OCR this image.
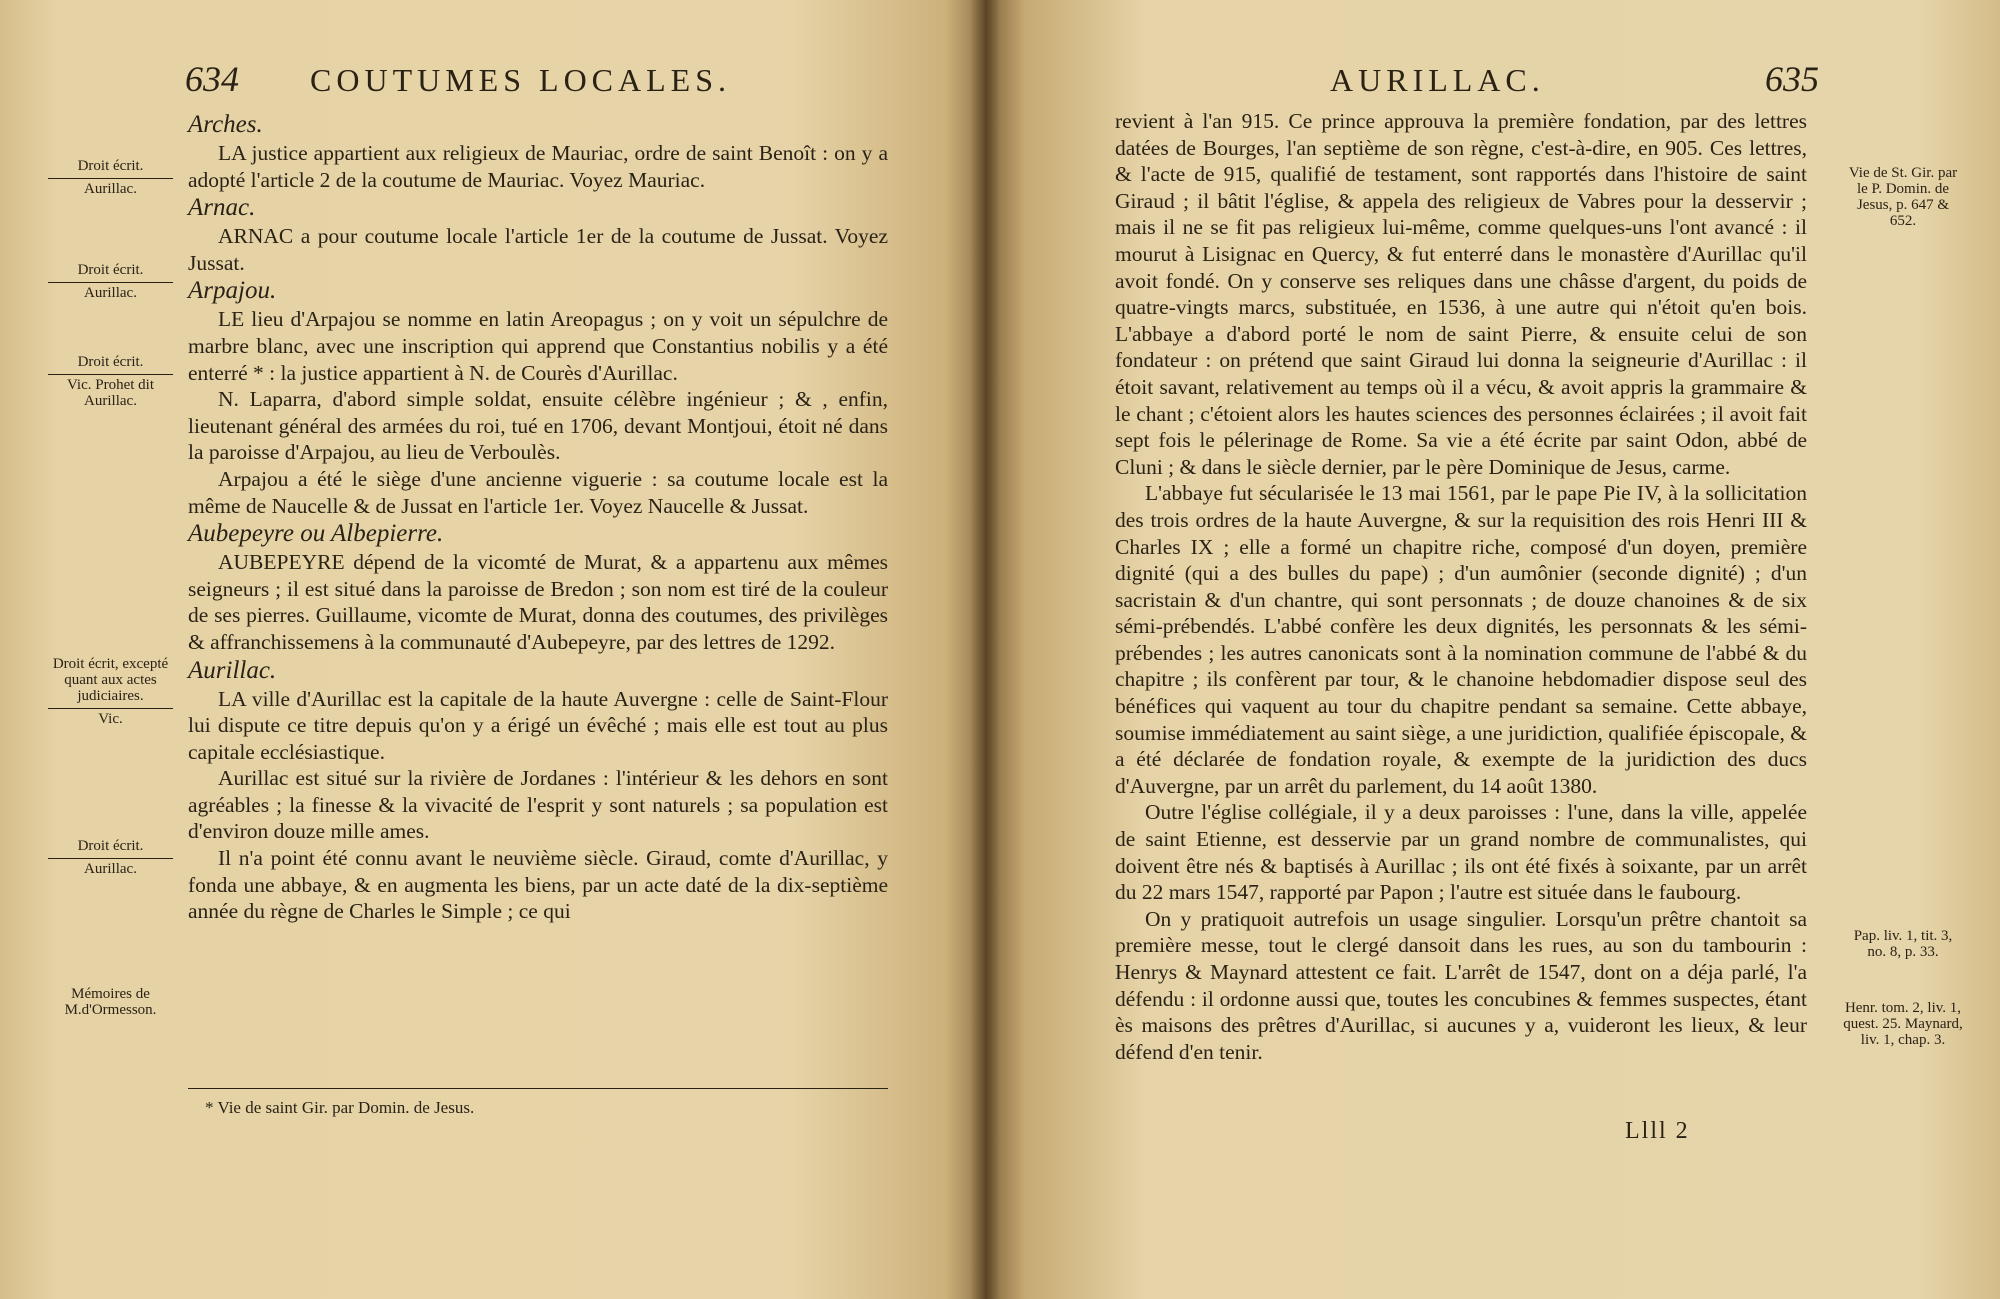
634 COUTUMES LOCALES.
Droit écrit.
Aurillac.
Droit écrit.
Aurillac.
Droit écrit.
Vic. Prohet dit Aurillac.
Droit écrit, excepté quant aux actes judiciaires.
Vic.
Droit écrit.
Aurillac.
Mémoires de M.d'Ormesson.

Arches.

LA justice appartient aux religieux de Mauriac, ordre de saint Benoît : on y a adopté l'article 2 de la coutume de Mauriac. Voyez Mauriac.

Arnac.

ARNAC a pour coutume locale l'article 1er de la coutume de Jussat. Voyez Jussat.

Arpajou.

LE lieu d'Arpajou se nomme en latin Areopagus ; on y voit un sépulchre de marbre blanc, avec une inscription qui apprend que Constantius nobilis y a été enterré * : la justice appartient à N. de Courès d'Aurillac.

N. Laparra, d'abord simple soldat, ensuite célèbre ingénieur ; & , enfin, lieutenant général des armées du roi, tué en 1706, devant Montjoui, étoit né dans la paroisse d'Arpajou, au lieu de Verboulès.

Arpajou a été le siège d'une ancienne viguerie : sa coutume locale est la même de Naucelle & de Jussat en l'article 1er. Voyez Naucelle & Jussat.

Aubepeyre ou Albepierre.

AUBEPEYRE dépend de la vicomté de Murat, & a appartenu aux mêmes seigneurs ; il est situé dans la paroisse de Bredon ; son nom est tiré de la couleur de ses pierres. Guillaume, vicomte de Murat, donna des coutumes, des privilèges & affranchissemens à la communauté d'Aubepeyre, par des lettres de 1292.

Aurillac.

LA ville d'Aurillac est la capitale de la haute Auvergne : celle de Saint-Flour lui dispute ce titre depuis qu'on y a érigé un évêché ; mais elle est tout au plus capitale ecclésiastique.

Aurillac est situé sur la rivière de Jordanes : l'intérieur & les dehors en sont agréables ; la finesse & la vivacité de l'esprit y sont naturels ; sa population est d'environ douze mille ames.

Il n'a point été connu avant le neuvième siècle. Giraud, comte d'Aurillac, y fonda une abbaye, & en augmenta les biens, par un acte daté de la dix-septième année du règne de Charles le Simple ; ce qui

* Vie de saint Gir. par Domin. de Jesus.
AURILLAC.	635

revient à l'an 915. Ce prince approuva la première fondation, par des lettres datées de Bourges, l'an septième de son règne, c'est-à-dire, en 905. Ces lettres, & l'acte de 915, qualifié de testament, sont rapportés dans l'histoire de saint Giraud ; il bâtit l'église, & appela des religieux de Vabres pour la desservir ; mais il ne se fit pas religieux lui-même, comme quelques-uns l'ont avancé : il mourut à Lisignac en Quercy, & fut enterré dans le monastère d'Aurillac qu'il avoit fondé. On y conserve ses reliques dans une châsse d'argent, du poids de quatre-vingts marcs, substituée, en 1536, à une autre qui n'étoit qu'en bois. L'abbaye a d'abord porté le nom de saint Pierre, & ensuite celui de son fondateur : on prétend que saint Giraud lui donna la seigneurie d'Aurillac : il étoit savant, relativement au temps où il a vécu, & avoit appris la grammaire & le chant ; c'étoient alors les hautes sciences des personnes éclairées ; il avoit fait sept fois le pélerinage de Rome. Sa vie a été écrite par saint Odon, abbé de Cluni ; & dans le siècle dernier, par le père Dominique de Jesus, carme.

L'abbaye fut sécularisée le 13 mai 1561, par le pape Pie IV, à la sollicitation des trois ordres de la haute Auvergne, & sur la requisition des rois Henri III & Charles IX ; elle a formé un chapitre riche, composé d'un doyen, première dignité (qui a des bulles du pape) ; d'un aumônier (seconde dignité) ; d'un sacristain & d'un chantre, qui sont personnats ; de douze chanoines & de six sémi-prébendés. L'abbé confère les deux dignités, les personnats & les sémi-prébendes ; les autres canonicats sont à la nomination commune de l'abbé & du chapitre ; ils confèrent par tour, & le chanoine hebdomadier dispose seul des bénéfices qui vaquent au tour du chapitre pendant sa semaine. Cette abbaye, soumise immédiatement au saint siège, a une juridiction, qualifiée épiscopale, & a été déclarée de fondation royale, & exempte de la juridiction des ducs d'Auvergne, par un arrêt du parlement, du 14 août 1380.

Outre l'église collégiale, il y a deux paroisses : l'une, dans la ville, appelée de saint Etienne, est desservie par un grand nombre de communalistes, qui doivent être nés & baptisés à Aurillac ; ils ont été fixés à soixante, par un arrêt du 22 mars 1547, rapporté par Papon ; l'autre est située dans le faubourg.

On y pratiquoit autrefois un usage singulier. Lorsqu'un prêtre chantoit sa première messe, tout le clergé dansoit dans les rues, au son du tambourin : Henrys & Maynard attestent ce fait. L'arrêt de 1547, dont on a déja parlé, l'a défendu : il ordonne aussi que, toutes les concubines & femmes suspectes, étant ès maisons des prêtres d'Aurillac, si aucunes y a, vuideront les lieux, & leur défend d'en tenir.

Vie de St. Gir. par le P. Domin. de Jesus, p. 647 & 652.
Pap. liv. 1, tit. 3, no. 8, p. 33.
Henr. tom. 2, liv. 1, quest. 25. Maynard, liv. 1, chap. 3.
Llll 2
